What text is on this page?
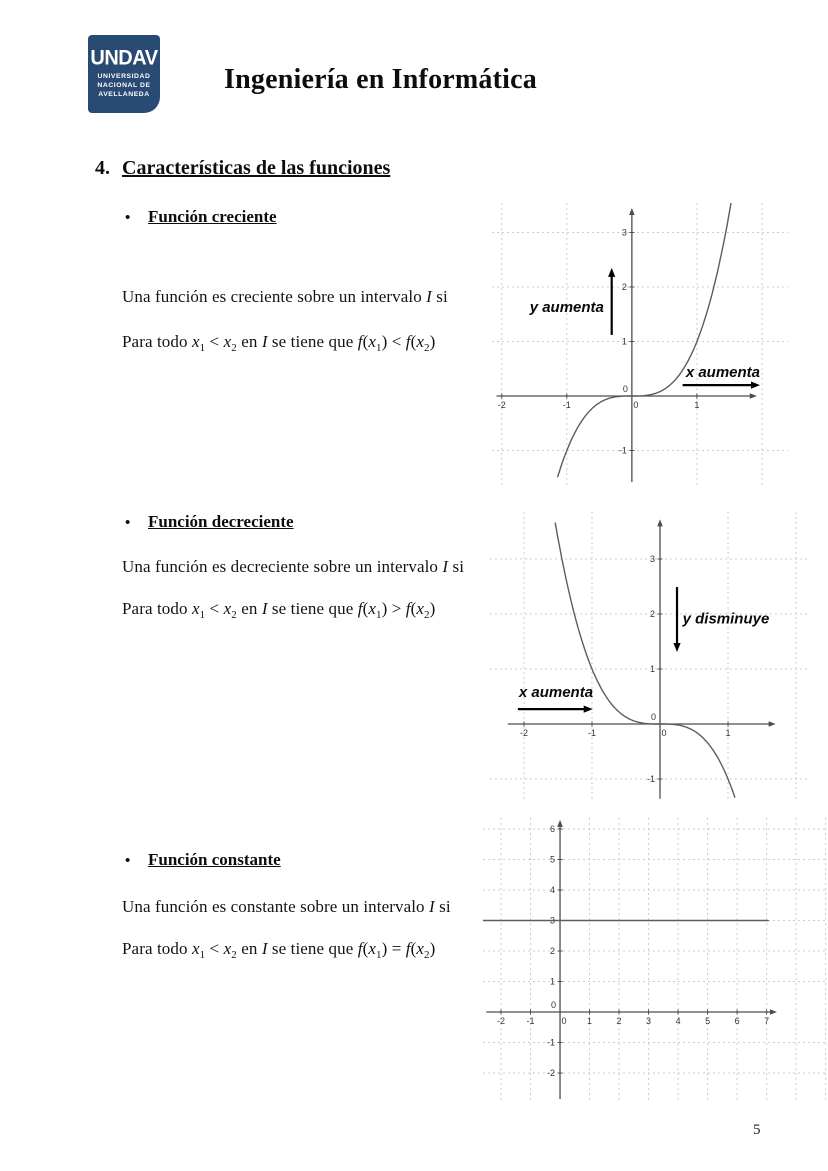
UNDAV
UNIVERSIDAD
NACIONAL DE
AVELLANEDA	Ingeniería en Informática
4. Características de las funciones
• Función creciente
Una función es creciente sobre un intervalo I si
Para todo $x_1 < x_2$ en I se tiene que $f(x_1) < f(x_2)$
-2	-1	0	1
-1
0
1
2
3
y aumenta
x aumenta
• Función decreciente
Una función es decreciente sobre un intervalo I si
Para todo $x_1 < x_2$ en I se tiene que $f(x_1) > f(x_2)$
-2	-1	0	1
-1
0
1
2
3
x aumenta
y disminuye
• Función constante
Una función es constante sobre un intervalo I si
Para todo $x_1 < x_2$ en I se tiene que $f(x_1) = f(x_2)$
-2 -1	0 1	2	3	4	5	6	7
-2
-1
0
1
2
3
4
5
6
5
